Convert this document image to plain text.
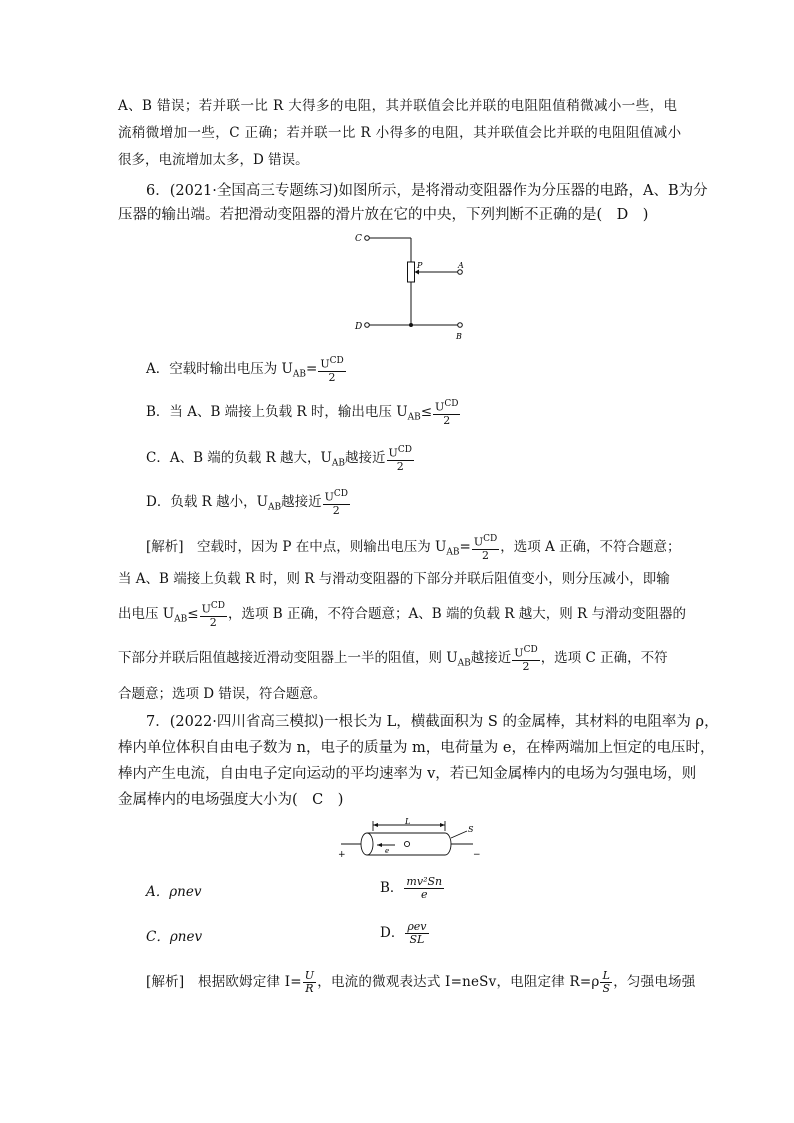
A、B 错误；若并联一比 R 大得多的电阻，其并联值会比并联的电阻阻值稍微减小一些，电
流稍微增加一些，C 正确；若并联一比 R 小得多的电阻，其并联值会比并联的电阻阻值减小
很多，电流增加太多，D 错误。
6．(2021·全国高三专题练习)如图所示，是将滑动变阻器作为分压器的电路，A、B为分
压器的输出端。若把滑动变阻器的滑片放在它的中央，下列判断不正确的是(　D　)
C
D
P	A
B
A．空载时输出电压为 $U_{AB}= \frac{U^{CD}}{2}$
B．当 A、B 端接上负载 R 时，输出电压 $U_{AB}\le \frac{U^{CD}}{2}$
C．A、B 端的负载 R 越大，$U_{AB}$越接近 $\frac{U^{CD}}{2}$
D．负载 R 越小，$U_{AB}$越接近 $\frac{U^{CD}}{2}$
[解析]　空载时，因为 P 在中点，则输出电压为 $U_{AB}= \frac{U^{CD}}{2}$ ，选项 A 正确，不符合题意；
当 A、B 端接上负载 R 时，则 R 与滑动变阻器的下部分并联后阻值变小，则分压减小，即输
出电压 $U_{AB}\le \frac{U^{CD}}{2}$ ，选项 B 正确，不符合题意；A、B 端的负载 R 越大，则 R 与滑动变阻器的
下部分并联后阻值越接近滑动变阻器上一半的阻值，则 $U_{AB}$越接近 $\frac{U^{CD}}{2}$ ，选项 C 正确，不符
合题意；选项 D 错误，符合题意。
7．(2022·四川省高三模拟)一根长为 L，横截面积为 S 的金属棒，其材料的电阻率为 ρ，
棒内单位体积自由电子数为 n，电子的质量为 m，电荷量为 e，在棒两端加上恒定的电压时，
棒内产生电流，自由电子定向运动的平均速率为 v，若已知金属棒内的电场为匀强电场，则
金属棒内的电场强度大小为(　C　)
L
S
e
+	−
A．ρnev	B． $\frac{\text{mv²Sn}}{e}$
C．ρnev	D． $\frac{\text{ρev}}{SL}$
[解析]　根据欧姆定律 $I= \frac{U}{R}$ ，电流的微观表达式 I=neSv，电阻定律 $R=\rho \frac{L}{S}$ ，匀强电场强
